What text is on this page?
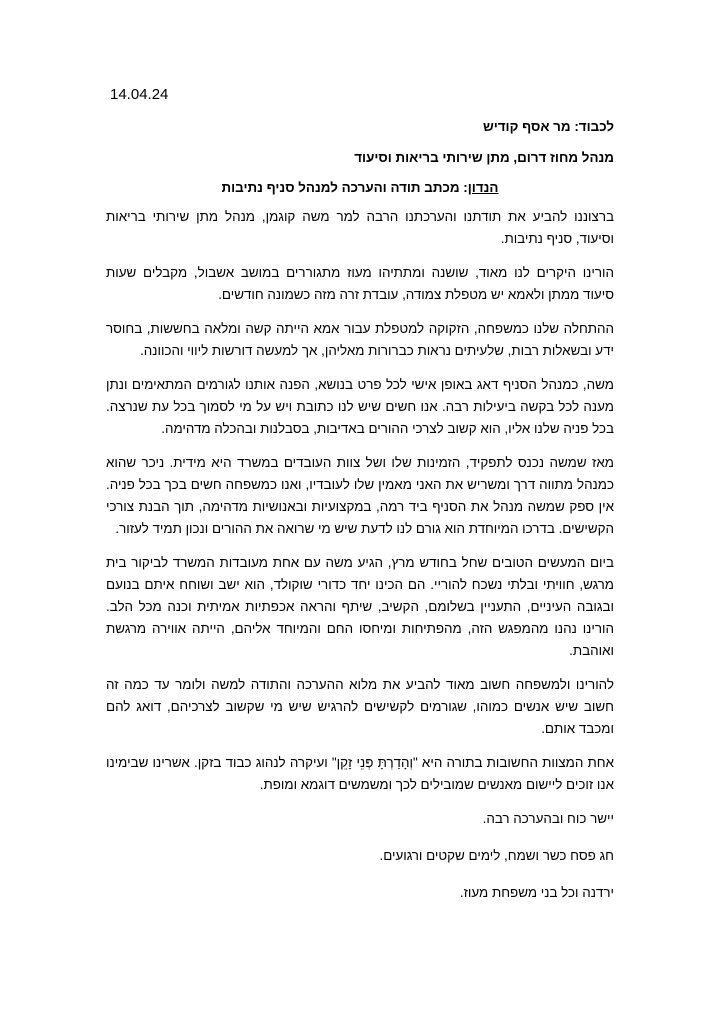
14.04.24
לכבוד: מר אסף קודיש
מנהל מחוז דרום, מתן שירותי בריאות וסיעוד
הנדון: מכתב תודה והערכה למנהל סניף נתיבות

ברצוננו להביע את תודתנו והערכתנו הרבה למר משה קוגמן, מנהל מתן שירותי בריאות וסיעוד, סניף נתיבות.

הורינו היקרים לנו מאוד, שושנה ומתתיהו מעוז מתגוררים במושב אשבול, מקבלים שעות סיעוד ממתן ולאמא יש מטפלת צמודה, עובדת זרה מזה כשמונה חודשים.

ההתחלה שלנו כמשפחה, הזקוקה למטפלת עבור אמא הייתה קשה ומלאה בחששות, בחוסר ידע ובשאלות רבות, שלעיתים נראות כברורות מאליהן, אך למעשה דורשות ליווי והכוונה.

משה, כמנהל הסניף דאג באופן אישי לכל פרט בנושא, הפנה אותנו לגורמים המתאימים ונתן מענה לכל בקשה ביעילות רבה. אנו חשים שיש לנו כתובת ויש על מי לסמוך בכל עת שנרצה. בכל פניה שלנו אליו, הוא קשוב לצרכי ההורים באדיבות, בסבלנות ובהכלה מדהימה.

מאז שמשה נכנס לתפקיד, הזמינות שלו ושל צוות העובדים במשרד היא מידית. ניכר שהוא כמנהל מתווה דרך ומשריש את האני מאמין שלו לעובדיו, ואנו כמשפחה חשים בכך בכל פניה. אין ספק שמשה מנהל את הסניף ביד רמה, במקצועיות ובאנושיות מדהימה, תוך הבנת צורכי הקשישים. בדרכו המיוחדת הוא גורם לנו לדעת שיש מי שרואה את ההורים ונכון תמיד לעזור.

ביום המעשים הטובים שחל בחודש מרץ, הגיע משה עם אחת מעובדות המשרד לביקור בית מרגש, חוויתי ובלתי נשכח להוריי. הם הכינו יחד כדורי שוקולד, הוא ישב ושוחח איתם בנועם ובגובה העיניים, התעניין בשלומם, הקשיב, שיתף והראה אכפתיות אמיתית וכנה מכל הלב. הורינו נהנו מהמפגש הזה, מהפתיחות ומיחסו החם והמיוחד אליהם, הייתה אווירה מרגשת ואוהבת.

להורינו ולמשפחה חשוב מאוד להביע את מלוא ההערכה והתודה למשה ולומר עד כמה זה חשוב שיש אנשים כמוהו, שגורמים לקשישים להרגיש שיש מי שקשוב לצרכיהם, דואג להם ומכבד אותם.

אחת המצוות החשובות בתורה היא "וְהָדַרְתָּ פְּנֵי זָקֵן" ועיקרה לנהוג כבוד בזקן. אשרינו שבימינו אנו זוכים ליישום מאנשים שמובילים לכך ומשמשים דוגמא ומופת.

יישר כוח ובהערכה רבה.

חג פסח כשר ושמח, לימים שקטים ורגועים.

ירדנה וכל בני משפחת מעוז.
